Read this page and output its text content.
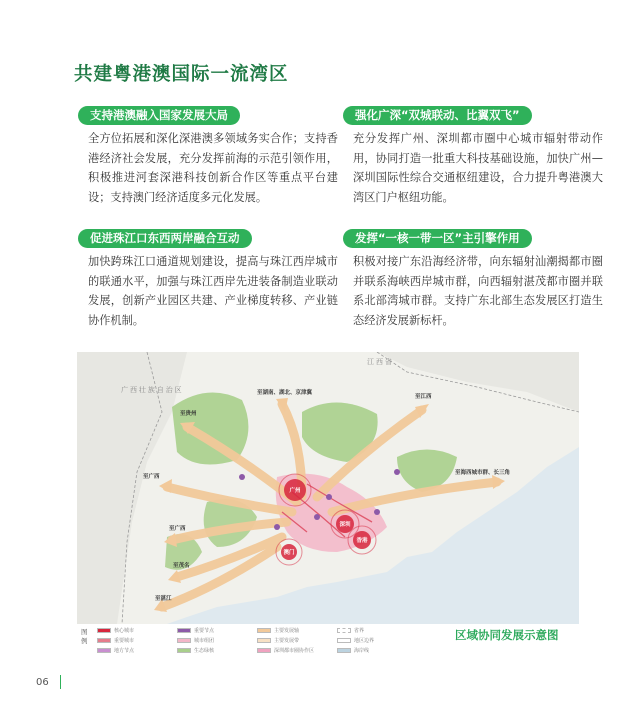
共建粤港澳国际一流湾区
支持港澳融入国家发展大局
全方位拓展和深化深港澳多领域务实合作；支持香港经济社会发展，充分发挥前海的示范引领作用，积极推进河套深港科技创新合作区等重点平台建设；支持澳门经济适度多元化发展。
强化广深“双城联动、比翼双飞”
充分发挥广州、深圳都市圈中心城市辐射带动作用，协同打造一批重大科技基础设施，加快广州—深圳国际性综合交通枢纽建设，合力提升粤港澳大湾区门户枢纽功能。
促进珠江口东西两岸融合互动
加快跨珠江口通道规划建设，提高与珠江西岸城市的联通水平，加强与珠江西岸先进装备制造业联动发展，创新产业园区共建、产业梯度转移、产业链协作机制。
发挥“一核一带一区”主引擎作用
积极对接广东沿海经济带，向东辐射汕潮揭都市圈并联系海峡西岸城市群，向西辐射湛茂都市圈并联系北部湾城市群。支持广东北部生态发展区打造生态经济发展新标杆。
江 西 省
广 西 壮 族 自 治 区
至贵州
至湖南、湖北、京津冀
至江西
至海西城市群、长三角
至广西
至广西
至茂名
至湛江
广州
深圳
香港
澳门
图例
核心城市	重要节点	主要发展轴	省界
重要城市	城市组团	主要发展带	地区边界
地方节点	生态绿核	深圳都市圈协作区	海岸线
区域协同发展示意图
06
